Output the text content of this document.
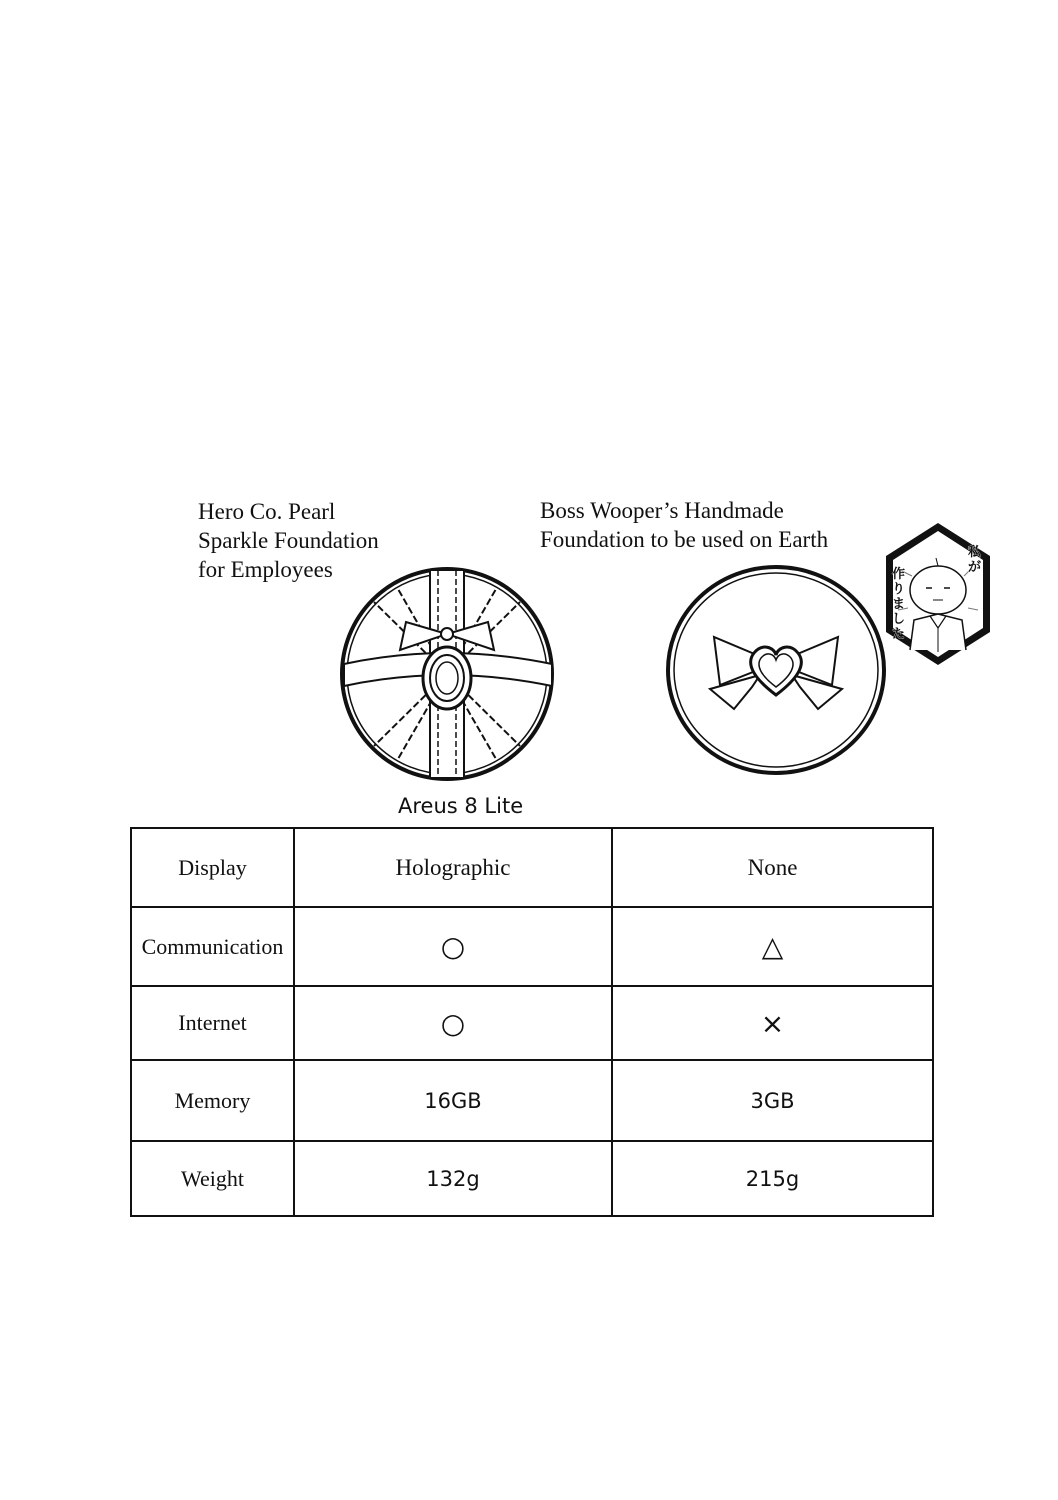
Hero Co. Pearl
Sparkle Foundation
for Employees
Boss Wooper’s Handmade
Foundation to be used on Earth
私
が
作
り
ま
し
た
Areus 8 Lite
Display	Holographic	None
Communication	○	△
Internet	○	×
Memory	16GB	3GB
Weight	132g	215g
